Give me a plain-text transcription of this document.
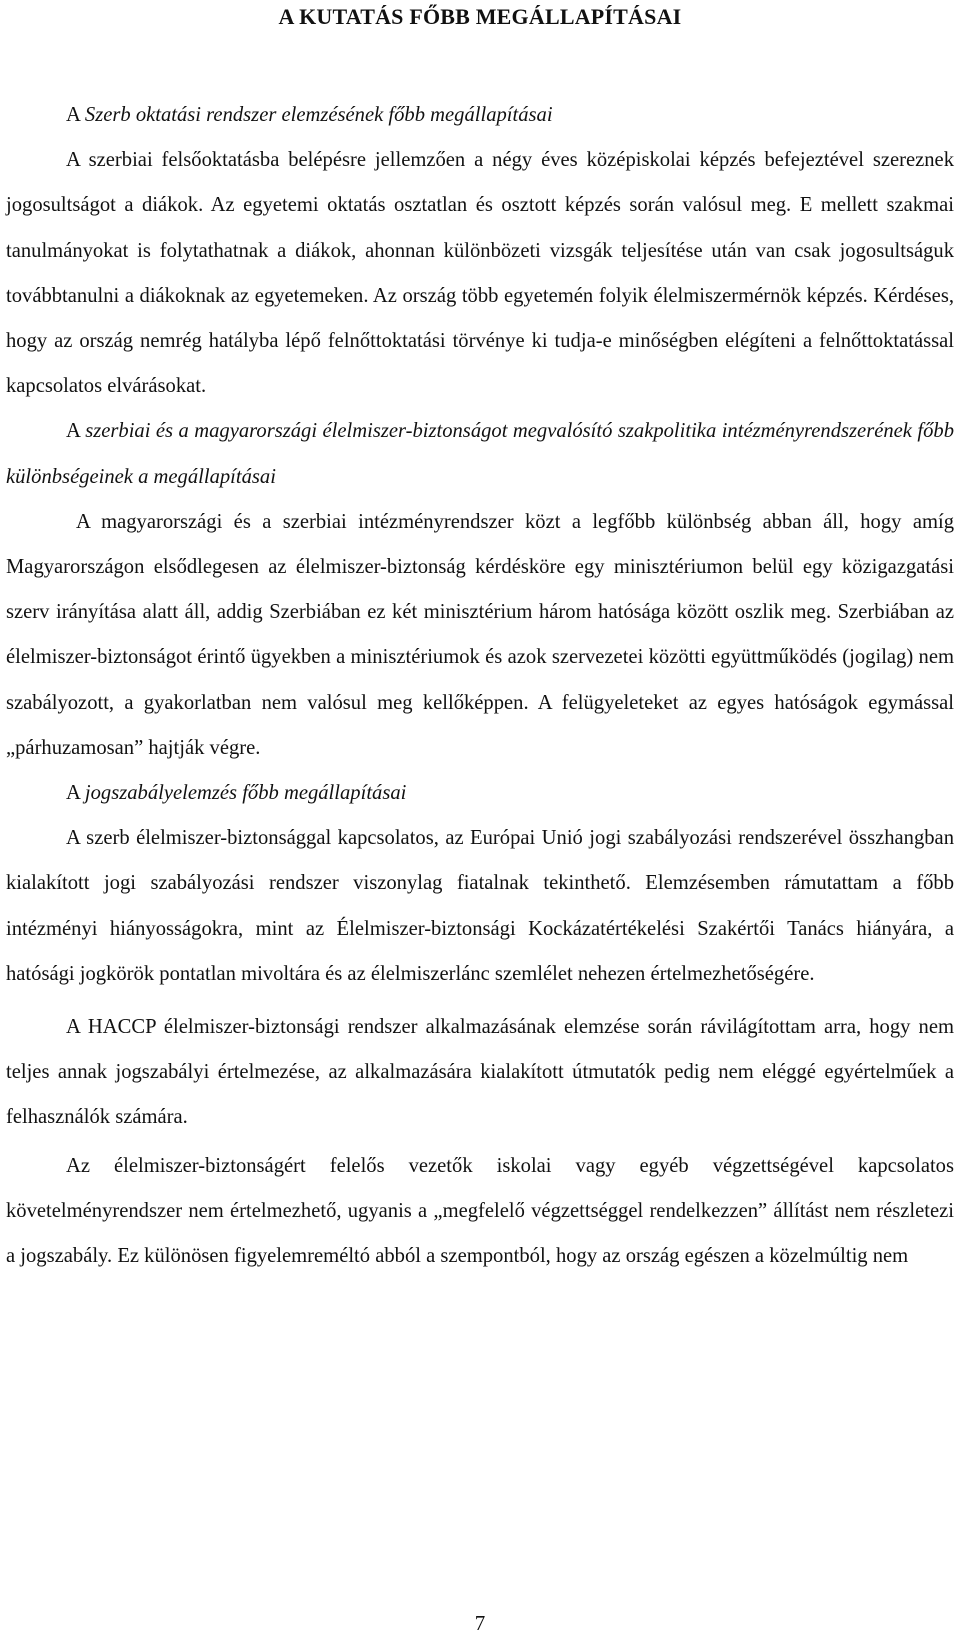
A KUTATÁS FŐBB MEGÁLLAPÍTÁSAI

A Szerb oktatási rendszer elemzésének főbb megállapításai

A szerbiai felsőoktatásba belépésre jellemzően a négy éves középiskolai képzés befejeztével szereznek jogosultságot a diákok. Az egyetemi oktatás osztatlan és osztott képzés során valósul meg. E mellett szakmai tanulmányokat is folytathatnak a diákok, ahonnan különbözeti vizsgák teljesítése után van csak jogosultságuk továbbtanulni a diákoknak az egyetemeken. Az ország több egyetemén folyik élelmiszermérnök képzés. Kérdéses, hogy az ország nemrég hatályba lépő felnőttoktatási törvénye ki tudja-e minőségben elégíteni a felnőttoktatással kapcsolatos elvárásokat.

A szerbiai és a magyarországi élelmiszer-biztonságot megvalósító szakpolitika intézményrendszerének főbb különbségeinek a megállapításai

A magyarországi és a szerbiai intézményrendszer közt a legfőbb különbség abban áll, hogy amíg Magyarországon elsődlegesen az élelmiszer-biztonság kérdésköre egy minisztériumon belül egy közigazgatási szerv irányítása alatt áll, addig Szerbiában ez két minisztérium három hatósága között oszlik meg. Szerbiában az élelmiszer-biztonságot érintő ügyekben a minisztériumok és azok szervezetei közötti együttműködés (jogilag) nem szabályozott, a gyakorlatban nem valósul meg kellőképpen. A felügyeleteket az egyes hatóságok egymással „párhuzamosan” hajtják végre.

A jogszabályelemzés főbb megállapításai

A szerb élelmiszer-biztonsággal kapcsolatos, az Európai Unió jogi szabályozási rendszerével összhangban kialakított jogi szabályozási rendszer viszonylag fiatalnak tekinthető. Elemzésemben rámutattam a főbb intézményi hiányosságokra, mint az Élelmiszer-biztonsági Kockázatértékelési Szakértői Tanács hiányára, a hatósági jogkörök pontatlan mivoltára és az élelmiszerlánc szemlélet nehezen értelmezhetőségére.

A HACCP élelmiszer-biztonsági rendszer alkalmazásának elemzése során rávilágítottam arra, hogy nem teljes annak jogszabályi értelmezése, az alkalmazására kialakított útmutatók pedig nem eléggé egyértelműek a felhasználók számára.

Az élelmiszer-biztonságért felelős vezetők iskolai vagy egyéb végzettségével kapcsolatos követelményrendszer nem értelmezhető, ugyanis a „megfelelő végzettséggel rendelkezzen” állítást nem részletezi a jogszabály. Ez különösen figyelemreméltó abból a szempontból, hogy az ország egészen a közelmúltig nem

7
